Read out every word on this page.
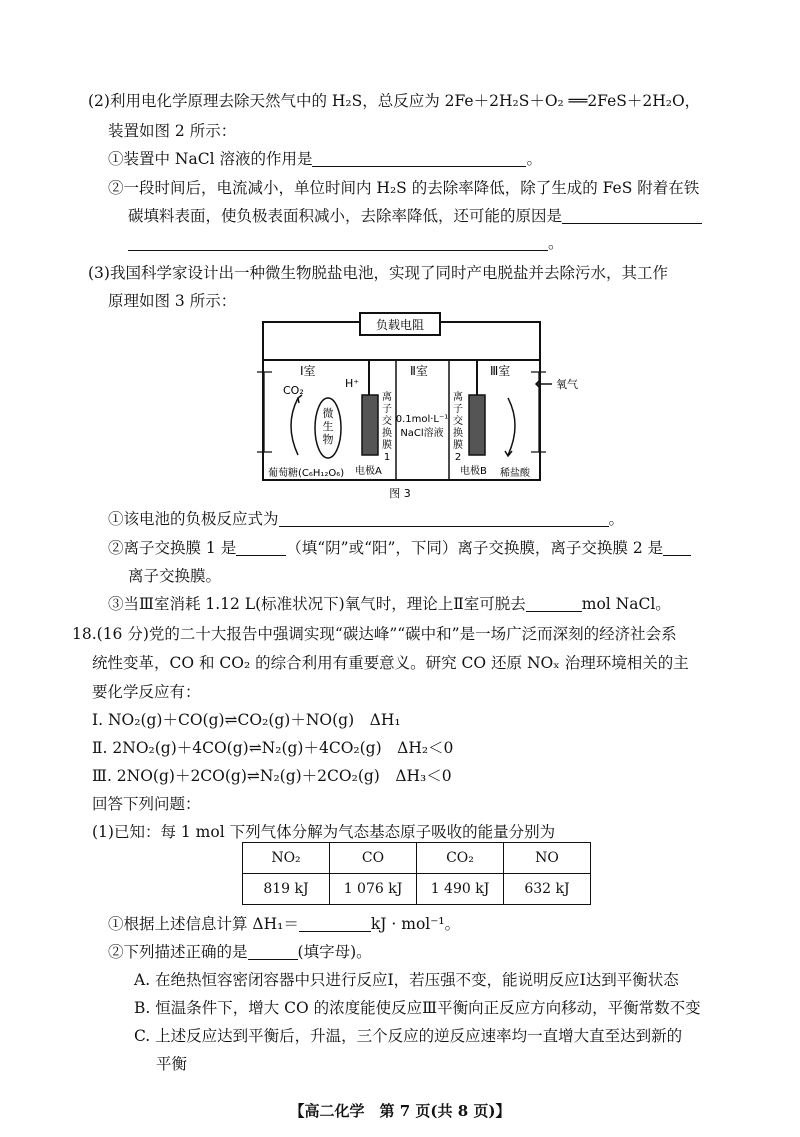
(2)利用电化学原理去除天然气中的 H₂S，总反应为 2Fe＋2H₂S＋O₂ ══2FeS＋2H₂O，
装置如图 2 所示：
①装置中 NaCl 溶液的作用是	。
②一段时间后，电流减小，单位时间内 H₂S 的去除率降低，除了生成的 FeS 附着在铁
碳填料表面，使负极表面积减小，去除率降低，还可能的原因是
。
(3)我国科学家设计出一种微生物脱盐电池，实现了同时产电脱盐并去除污水，其工作
原理如图 3 所示：
负载电阻
Ⅰ室	Ⅱ室	Ⅲ室
CO₂
微
生
物
H⁺
离
子
交
换
膜
1
0.1mol·L⁻¹
NaCl溶液
离
子
交
换
膜
2
氧气
葡萄糖(C₆H₁₂O₆) 电极A	电极B 稀盐酸
图 3
①该电池的负极反应式为	。
②离子交换膜 1 是	（填“阴”或“阳”，下同）离子交换膜，离子交换膜 2 是
离子交换膜。
③当Ⅲ室消耗 1.12 L(标准状况下)氧气时，理论上Ⅱ室可脱去	mol NaCl。
18.(16 分)党的二十大报告中强调实现“碳达峰”“碳中和”是一场广泛而深刻的经济社会系
统性变革，CO 和 CO₂ 的综合利用有重要意义。研究 CO 还原 NOₓ 治理环境相关的主
要化学反应有：
Ⅰ. NO₂(g)＋CO(g)⇌CO₂(g)＋NO(g)　ΔH₁
Ⅱ. 2NO₂(g)＋4CO(g)⇌N₂(g)＋4CO₂(g)　ΔH₂＜0
Ⅲ. 2NO(g)＋2CO(g)⇌N₂(g)＋2CO₂(g)　ΔH₃＜0
回答下列问题：
(1)已知：每 1 mol 下列气体分解为气态基态原子吸收的能量分别为
NO₂	CO	CO₂	NO
819 kJ	1 076 kJ	1 490 kJ	632 kJ
①根据上述信息计算 ΔH₁＝	kJ · mol⁻¹。
②下列描述正确的是	(填字母)。
A. 在绝热恒容密闭容器中只进行反应Ⅰ，若压强不变，能说明反应Ⅰ达到平衡状态
B. 恒温条件下，增大 CO 的浓度能使反应Ⅲ平衡向正反应方向移动，平衡常数不变
C. 上述反应达到平衡后，升温，三个反应的逆反应速率均一直增大直至达到新的
平衡
【高二化学　第 7 页(共 8 页)】
